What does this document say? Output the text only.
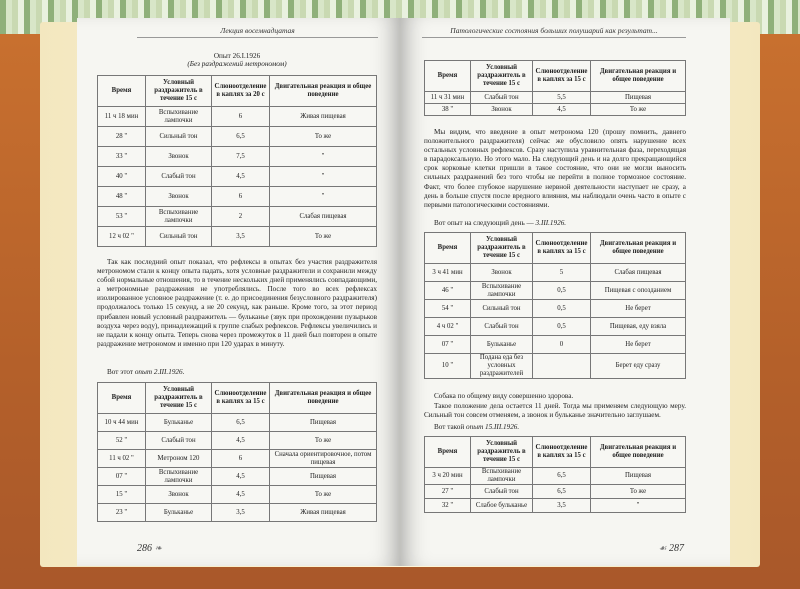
Лекция восемнадцатая
Опыт 26.I.1926
(Без раздражений метрономом)
Время	Условный раздражитель в течение 15 с	Слюноотделение в каплях за 20 с	Двигательная реакция и общее поведение
11 ч 18 мин	Вспыхивание лампочки	6	Живая пищевая
28 "	Сильный тон	6,5	То же
33 "	Звонок	7,5	"
40 "	Слабый тон	4,5	"
48 "	Звонок	6	"
53 "	Вспыхивание лампочки	2	Слабая пищевая
12 ч 02 "	Сильный тон	3,5	То же
Так как последний опыт показал, что рефлексы в опытах без участия раздражителя метрономом стали к концу опыта падать, хотя условные раздражители и сохранили между собой нормальные отношения, то в течение нескольких дней применялись совпадающими, а метрономные раздражения не употреблялись. После того во всех рефлексах изолированное условное раздражение (т. е. до присоединения безусловного раздражителя) продолжалось только 15 секунд, а не 20 секунд, как раньше. Кроме того, за этот период прибавлен новый условный раздражитель — бульканье (звук при прохождении пузырьков воздуха через воду), принадлежащий к группе слабых рефлексов. Рефлексы увеличились и не падали к концу опыта. Теперь снова через промежуток в 11 дней был повторен в опыте раздражение метрономом и именно при 120 ударах в минуту.
Вот этот опыт 2.III.1926.
Время	Условный раздражитель в течение 15 с	Слюноотделение в каплях за 15 с	Двигательная реакция и общее поведение
10 ч 44 мин	Бульканье	6,5	Пищевая
52 "	Слабый тон	4,5	То же
11 ч 02 "	Метроном 120	6	Сначала ориентировочное, потом пищевая
07 "	Вспыхивание лампочки	4,5	Пищевая
15 "	Звонок	4,5	То же
23 "	Бульканье	3,5	Живая пищевая
286 ❧
Патологические состояния больших полушарий как результат...
Время	Условный раздражитель в течение 15 с	Слюноотделение в каплях за 15 с	Двигательная реакция и общее поведение
11 ч 31 мин	Слабый тон	5,5	Пищевая
38 "	Звонок	4,5	То же
Мы видим, что введение в опыт метронома 120 (прошу помнить, давнего положительного раздражителя) сейчас же обусловило опять нарушение всех остальных условных рефлексов. Сразу наступила уравнительная фаза, переходящая в парадоксальную. Но этого мало. На следующий день и на долго прекращающийся срок корковые клетки пришли в такое состояние, что они не могли выносить сильных раздражений без того чтобы не перейти в полное тормозное состояние. Факт, что более глубокое нарушение нервной деятельности наступает не сразу, а день в больше спустя после вредного влияния, мы наблюдали очень часто в опыте с первыми патологическими состояниями.
Вот опыт на следующий день — 3.III.1926.
Время	Условный раздражитель в течение 15 с	Слюноотделение в каплях за 15 с	Двигательная реакция и общее поведение
3 ч 41 мин	Звонок	5	Слабая пищевая
46 "	Вспыхивание лампочки	0,5	Пищевая с опозданием
54 "	Сильный тон	0,5	Не берет
4 ч 02 "	Слабый тон	0,5	Пищевая, еду взяла
07 "	Бульканье	0	Не берет
10 "	Подана еда без условных раздражителей		Берет еду сразу
Собака по общему виду совершенно здорова.
Такое положение дела остается 11 дней. Тогда мы применяем следующую меру. Сильный тон совсем отменяем, а звонок и бульканье значительно заглушаем.
Вот такой опыт 15.III.1926.
Время	Условный раздражитель в течение 15 с	Слюноотделение в каплях за 15 с	Двигательная реакция и общее поведение
3 ч 20 мин	Вспыхивание лампочки	6,5	Пищевая
27 "	Слабый тон	6,5	То же
32 "	Слабое бульканье	3,5	"
☙ 287
